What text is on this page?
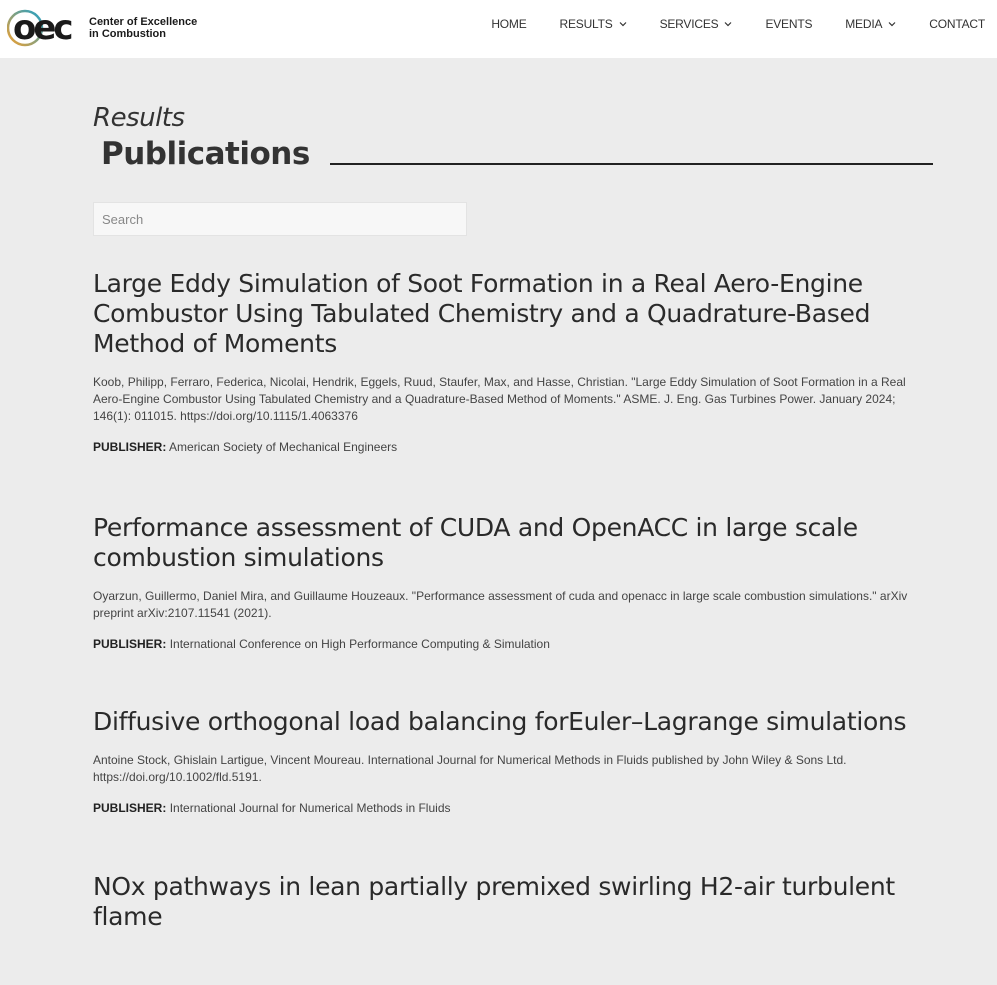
oec Center of Excellence
in Combustion
HOME	RESULTS	SERVICES	EVENTS	MEDIA	CONTACT

Results

Publications
Search
Large Eddy Simulation of Soot Formation in a Real Aero-Engine Combustor Using Tabulated Chemistry and a Quadrature-Based Method of Moments

Koob, Philipp, Ferraro, Federica, Nicolai, Hendrik, Eggels, Ruud, Staufer, Max, and Hasse, Christian. "Large Eddy Simulation of Soot Formation in a Real Aero-Engine Combustor Using Tabulated Chemistry and a Quadrature-Based Method of Moments." ASME. J. Eng. Gas Turbines Power. January 2024; 146(1): 011015. https://doi.org/10.1115/1.4063376

PUBLISHER: American Society of Mechanical Engineers

Performance assessment of CUDA and OpenACC in large scale combustion simulations

Oyarzun, Guillermo, Daniel Mira, and Guillaume Houzeaux. "Performance assessment of cuda and openacc in large scale combustion simulations." arXiv preprint arXiv:2107.11541 (2021).

PUBLISHER: International Conference on High Performance Computing & Simulation

Diffusive orthogonal load balancing forEuler–Lagrange simulations

Antoine Stock, Ghislain Lartigue, Vincent Moureau. International Journal for Numerical Methods in Fluids published by John Wiley & Sons Ltd. https://doi.org/10.1002/fld.5191.

PUBLISHER: International Journal for Numerical Methods in Fluids

NOx pathways in lean partially premixed swirling H2-air turbulent flame
